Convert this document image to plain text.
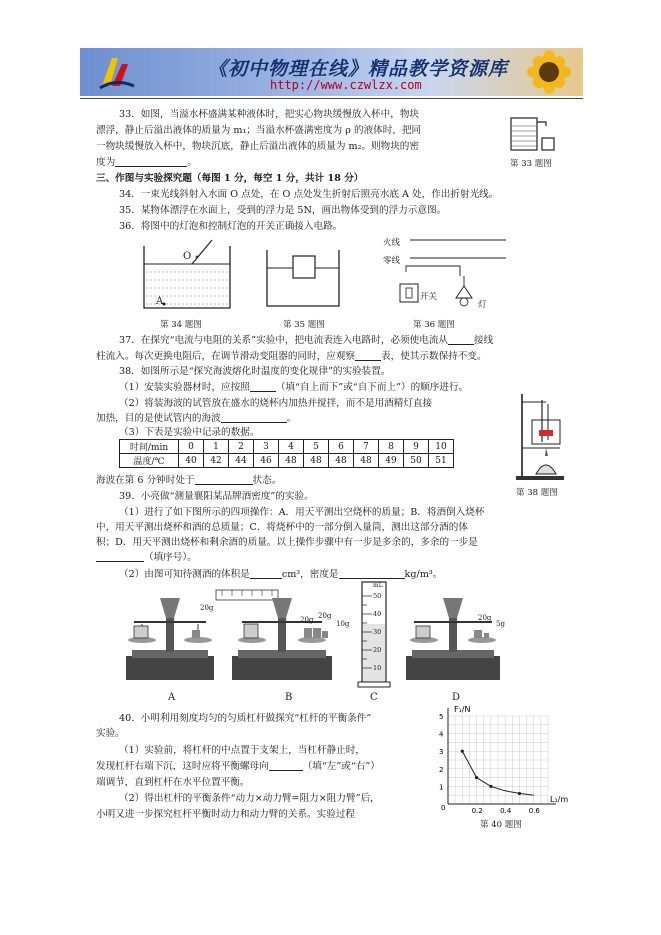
《初中物理在线》精品教学资源库
http://www.czwlzx.com
33．如图，当溢水杯盛满某种液体时，把实心物块缓慢放入杯中，物块
漂浮，静止后溢出液体的质量为 m₁；当溢水杯盛满密度为 ρ 的液体时，把同
一物块缓慢放入杯中，物块沉底，静止后溢出液体的质量为 m₂。则物块的密
度为	。	第 33 题图
三、作图与实验探究题（每图 1 分，每空 1 分，共计 18 分）
34．一束光线斜射入水面 O 点处，在 O 点处发生折射后照亮水底 A 处，作出折射光线。
35．某物体漂浮在水面上，受到的浮力是 5N，画出物体受到的浮力示意图。
36．将图中的灯泡和控制灯泡的开关正确接入电路。
O
A
第 34 题图	第 35 题图
火线
零线
开关
灯
第 36 题图
37．在探究“电流与电阻的关系”实验中，把电流表连入电路时，必须使电流从	接线
柱流入。每次更换电阻后，在调节滑动变阻器的同时，应观察	表，使其示数保持不变。
38．如图所示是“探究海波熔化时温度的变化规律”的实验装置。
（1）安装实验器材时，应按照	（填“自上而下”或“自下而上”）的顺序进行。
（2）将装海波的试管放在盛水的烧杯内加热并搅拌，而不是用酒精灯直接
加热，目的是使试管内的海波	。
（3）下表是实验中记录的数据。
时间/min	0	1	2	3	4	5	6	7	8	9	10
温度/℃	40	42	44	46	48	48	48	48	49	50	51
海波在第 6 分钟时处于	状态。
第 38 题图
39．小亮做“测量襄阳某品牌酒密度”的实验。
（1）进行了如下图所示的四项操作：A．用天平测出空烧杯的质量；B．将酒倒入烧杯
中，用天平测出烧杯和酒的总质量；C．将烧杯中的一部分倒入量筒，测出这部分酒的体
积；D．用天平测出烧杯和剩余酒的质量。以上操作步骤中有一步是多余的，多余的一步是
（填序号）。
（2）由图可知待测酒的体积是	cm³，密度是	kg/m³。
20g
A
20g 20g
10g
B
mL
50
40
30
20
10
C
20g
5g
D
40．小明利用刻度均匀的匀质杠杆做探究“杠杆的平衡条件”
实验。
（1）实验前，将杠杆的中点置于支架上，当杠杆静止时，
发现杠杆右端下沉，这时应将平衡螺母向	（填“左”或“右”）
端调节，直到杠杆在水平位置平衡。
（2）得出杠杆的平衡条件“动力×动力臂=阻力×阻力臂”后，
小明又进一步探究杠杆平衡时动力和动力臂的关系。实验过程	0.2 0.4 0.6
1
2
3
4
5
F₁/N
L₁/m
0
第 40 题图
